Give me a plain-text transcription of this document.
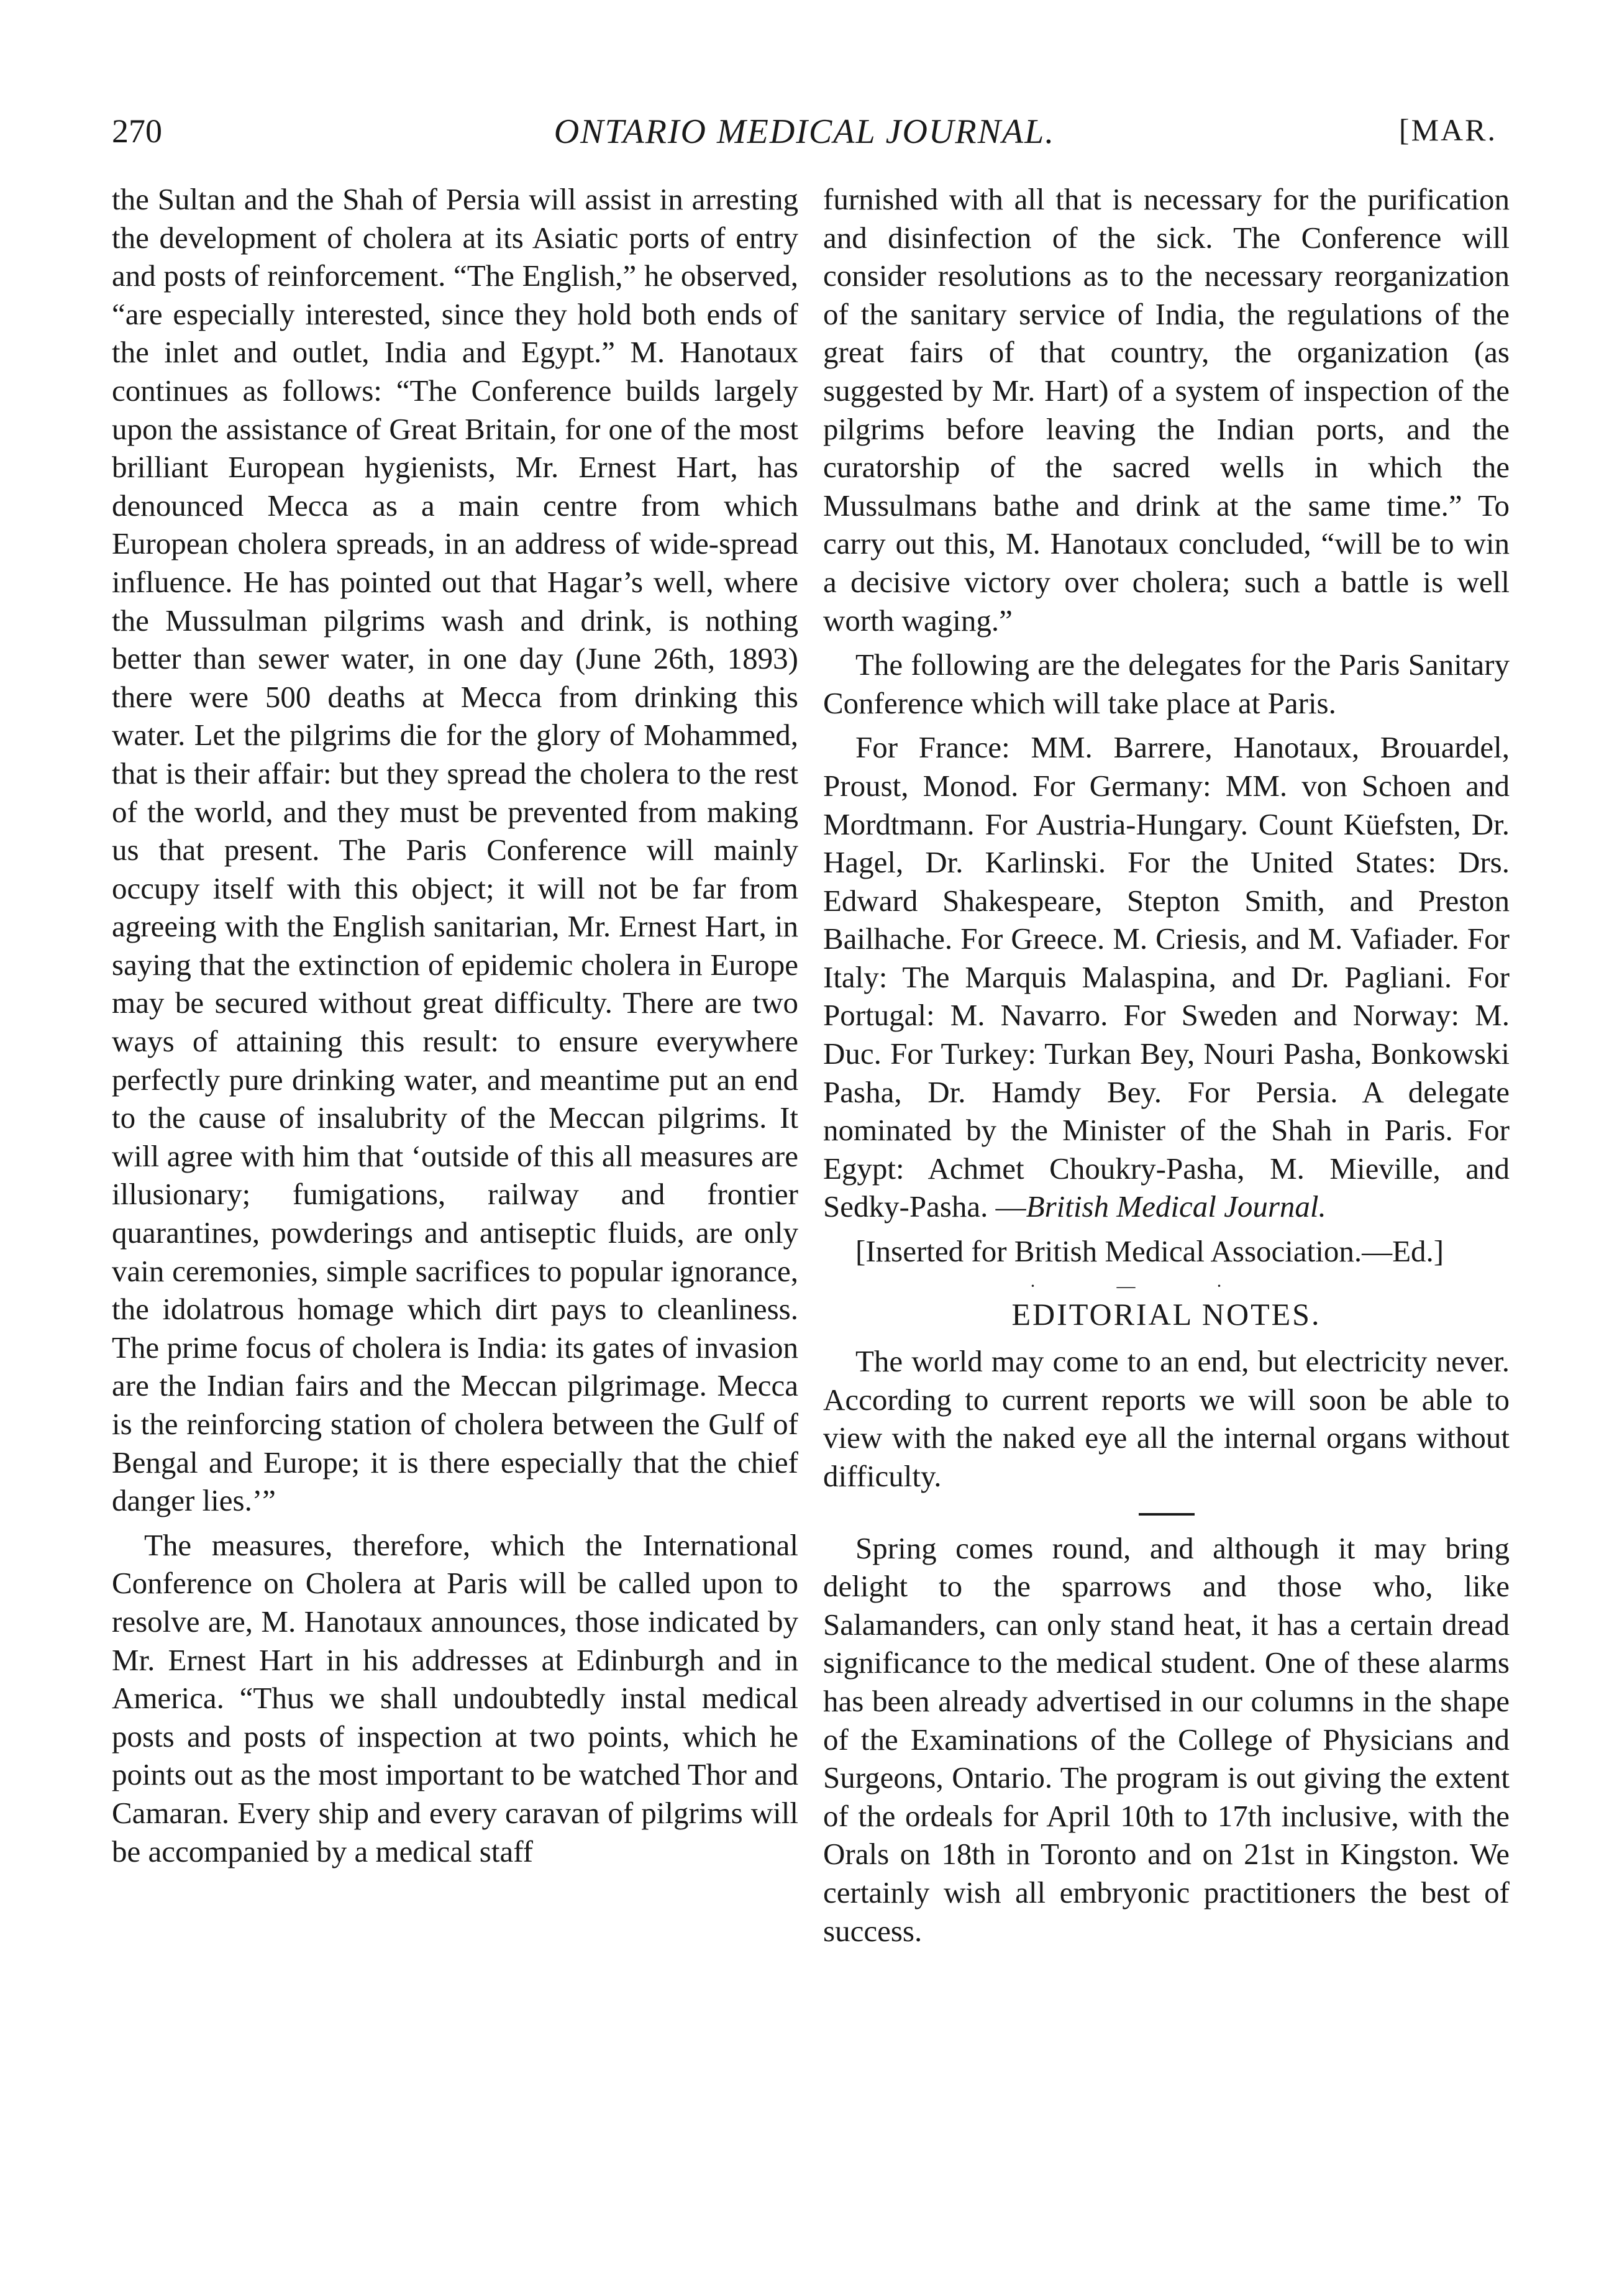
270	ONTARIO MEDICAL JOURNAL.	[MAR.

the Sultan and the Shah of Persia will assist in arresting the development of cholera at its Asiatic ports of entry and posts of reinforcement. “The English,” he observed, “are especially interested, since they hold both ends of the inlet and outlet, India and Egypt.” M. Hanotaux continues as follows: “The Conference builds largely upon the assistance of Great Britain, for one of the most brilliant European hygienists, Mr. Ernest Hart, has denounced Mecca as a main centre from which European cholera spreads, in an address of wide-spread influence. He has pointed out that Hagar’s well, where the Mussulman pilgrims wash and drink, is nothing better than sewer water, in one day (June 26th, 1893) there were 500 deaths at Mecca from drinking this water. Let the pilgrims die for the glory of Mohammed, that is their affair: but they spread the cholera to the rest of the world, and they must be prevented from making us that present. The Paris Conference will mainly occupy itself with this object; it will not be far from agreeing with the English sanitarian, Mr. Ernest Hart, in saying that the extinction of epidemic cholera in Europe may be secured without great difficulty. There are two ways of attaining this result: to ensure everywhere perfectly pure drinking water, and meantime put an end to the cause of insalubrity of the Meccan pilgrims. It will agree with him that ‘outside of this all measures are illusionary; fumigations, railway and frontier quarantines, powderings and antiseptic fluids, are only vain ceremonies, simple sacrifices to popular ignorance, the idolatrous homage which dirt pays to cleanliness. The prime focus of cholera is India: its gates of invasion are the Indian fairs and the Meccan pilgrimage. Mecca is the reinforcing station of cholera between the Gulf of Bengal and Europe; it is there especially that the chief danger lies.’”

The measures, therefore, which the International Conference on Cholera at Paris will be called upon to resolve are, M. Hanotaux announces, those indicated by Mr. Ernest Hart in his addresses at Edinburgh and in America. “Thus we shall undoubtedly instal medical posts and posts of inspection at two points, which he points out as the most important to be watched Thor and Camaran. Every ship and every caravan of pilgrims will be accompanied by a medical staff

furnished with all that is necessary for the purification and disinfection of the sick. The Conference will consider resolutions as to the necessary reorganization of the sanitary service of India, the regulations of the great fairs of that country, the organization (as suggested by Mr. Hart) of a system of inspection of the pilgrims before leaving the Indian ports, and the curatorship of the sacred wells in which the Mussulmans bathe and drink at the same time.” To carry out this, M. Hanotaux concluded, “will be to win a decisive victory over cholera; such a battle is well worth waging.”

The following are the delegates for the Paris Sanitary Conference which will take place at Paris.

For France: MM. Barrere, Hanotaux, Brouardel, Proust, Monod. For Germany: MM. von Schoen and Mordtmann. For Austria-Hungary. Count Küefsten, Dr. Hagel, Dr. Karlinski. For the United States: Drs. Edward Shakespeare, Stepton Smith, and Preston Bailhache. For Greece. M. Criesis, and M. Vafiader. For Italy: The Marquis Malaspina, and Dr. Pagliani. For Portugal: M. Navarro. For Sweden and Norway: M. Duc. For Turkey: Turkan Bey, Nouri Pasha, Bonkowski Pasha, Dr. Hamdy Bey. For Persia. A delegate nominated by the Minister of the Shah in Paris. For Egypt: Achmet Choukry-Pasha, M. Mieville, and Sedky-Pasha. —British Medical Journal.

[Inserted for British Medical Association.—Ed.]

·—·

EDITORIAL NOTES.

The world may come to an end, but electricity never. According to current reports we will soon be able to view with the naked eye all the internal organs without difficulty.

Spring comes round, and although it may bring delight to the sparrows and those who, like Salamanders, can only stand heat, it has a certain dread significance to the medical student. One of these alarms has been already advertised in our columns in the shape of the Examinations of the College of Physicians and Surgeons, Ontario. The program is out giving the extent of the ordeals for April 10th to 17th inclusive, with the Orals on 18th in Toronto and on 21st in Kingston. We certainly wish all embryonic practitioners the best of success.
